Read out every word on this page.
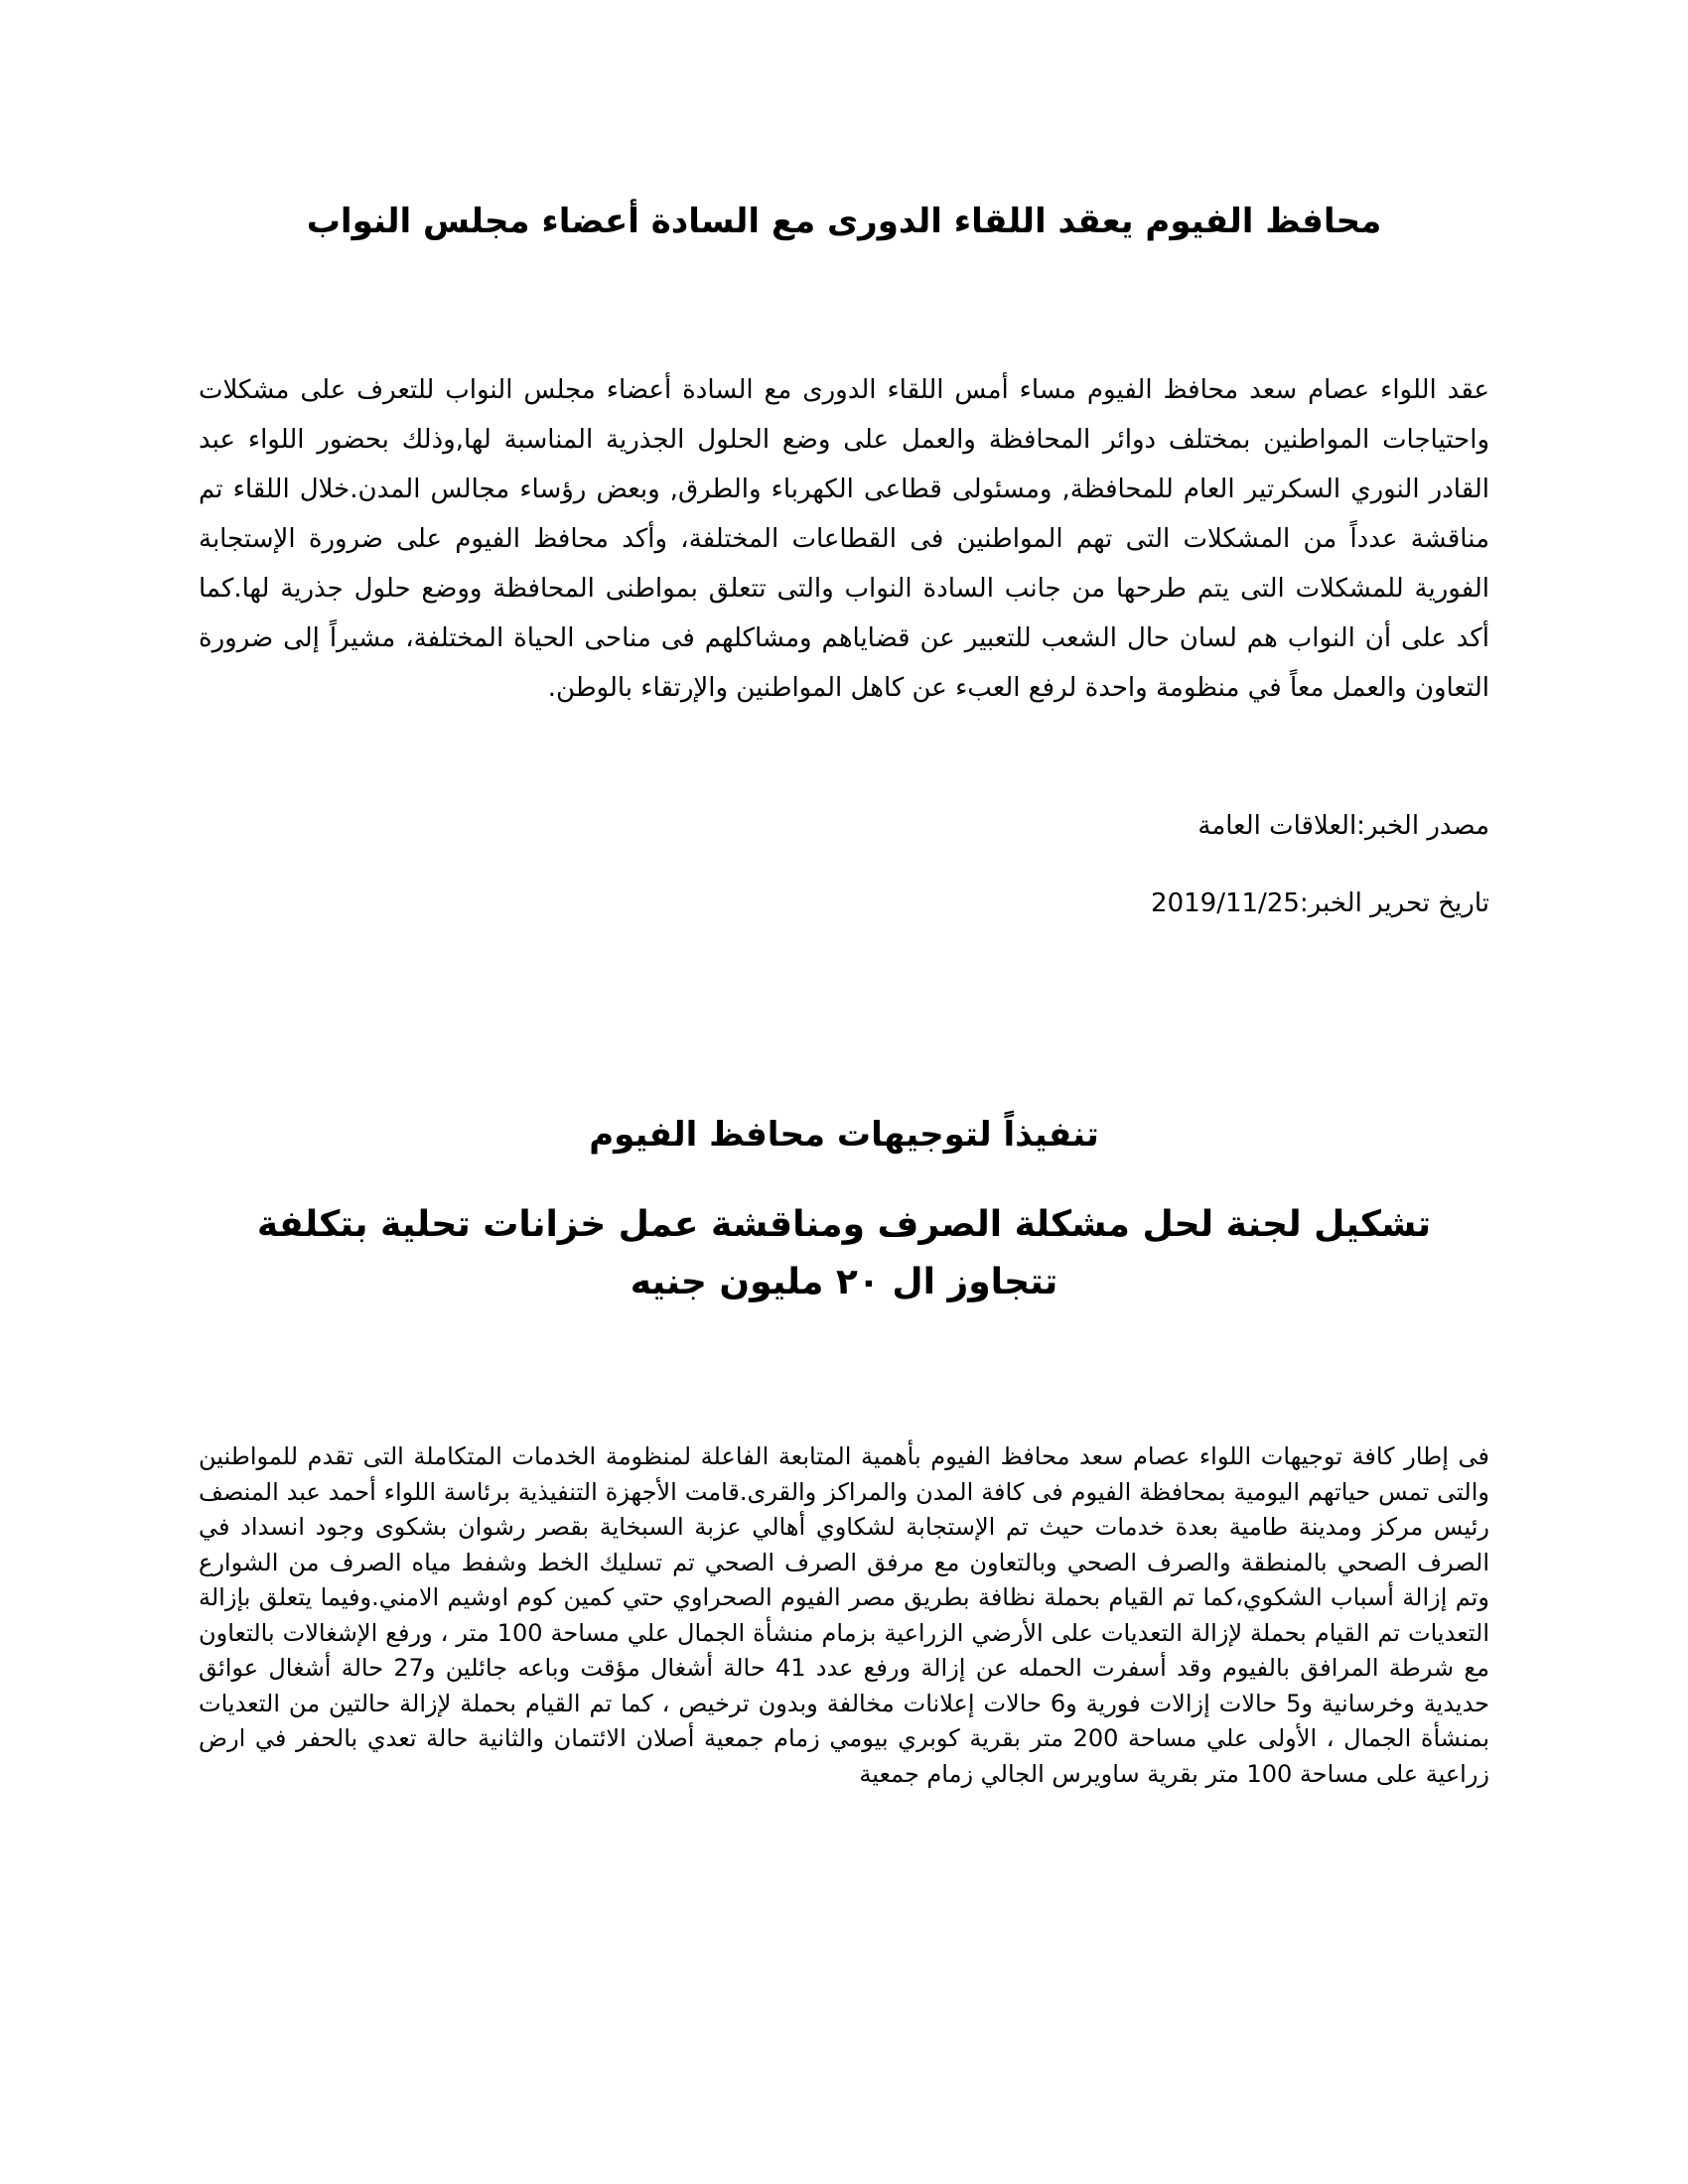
محافظ الفيوم يعقد اللقاء الدورى مع السادة أعضاء مجلس النواب

عقد اللواء عصام سعد محافظ الفيوم مساء أمس اللقاء الدورى مع السادة أعضاء مجلس النواب للتعرف على مشكلات واحتياجات المواطنين بمختلف دوائر المحافظة والعمل على وضع الحلول الجذرية المناسبة لها,وذلك بحضور اللواء عبد القادر النوري السكرتير العام للمحافظة, ومسئولى قطاعى الكهرباء والطرق, وبعض رؤساء مجالس المدن.خلال اللقاء تم مناقشة عدداً من المشكلات التى تهم المواطنين فى القطاعات المختلفة، وأكد محافظ الفيوم على ضرورة الإستجابة الفورية للمشكلات التى يتم طرحها من جانب السادة النواب والتى تتعلق بمواطنى المحافظة ووضع حلول جذرية لها.كما أكد على أن النواب هم لسان حال الشعب للتعبير عن قضاياهم ومشاكلهم فى مناحى الحياة المختلفة، مشيراً إلى ضرورة التعاون والعمل معاً في منظومة واحدة لرفع العبء عن كاهل المواطنين والإرتقاء بالوطن.

مصدر الخبر:العلاقات العامة

تاريخ تحرير الخبر:2019/11/25

تنفيذاً لتوجيهات محافظ الفيوم
تشكيل لجنة لحل مشكلة الصرف ومناقشة عمل خزانات تحلية بتكلفة تتجاوز ال ٢٠ مليون جنيه

فى إطار كافة توجيهات اللواء عصام سعد محافظ الفيوم بأهمية المتابعة الفاعلة لمنظومة الخدمات المتكاملة التى تقدم للمواطنين والتى تمس حياتهم اليومية بمحافظة الفيوم فى كافة المدن والمراكز والقرى.قامت الأجهزة التنفيذية برئاسة اللواء أحمد عبد المنصف رئيس مركز ومدينة طامية بعدة خدمات حيث تم الإستجابة لشكاوي أهالي عزبة السبخاية بقصر رشوان بشكوى وجود انسداد في الصرف الصحي بالمنطقة والصرف الصحي وبالتعاون مع مرفق الصرف الصحي تم تسليك الخط وشفط مياه الصرف من الشوارع وتم إزالة أسباب الشكوي،كما تم القيام بحملة نظافة بطريق مصر الفيوم الصحراوي حتي كمين كوم اوشيم الامني.وفيما يتعلق بإزالة التعديات تم القيام بحملة لإزالة التعديات على الأرضي الزراعية بزمام منشأة الجمال علي مساحة 100 متر ، ورفع الإشغالات بالتعاون مع شرطة المرافق بالفيوم وقد أسفرت الحمله عن إزالة ورفع عدد 41 حالة أشغال مؤقت وباعه جائلين و27 حالة أشغال عوائق حديدية وخرسانية و5 حالات إزالات فورية و6 حالات إعلانات مخالفة وبدون ترخيص ، كما تم القيام بحملة لإزالة حالتين من التعديات بمنشأة الجمال ، الأولى علي مساحة 200 متر بقرية كوبري بيومي زمام جمعية أصلان الائتمان والثانية حالة تعدي بالحفر في ارض زراعية على مساحة 100 متر بقرية ساويرس الجالي زمام جمعية
